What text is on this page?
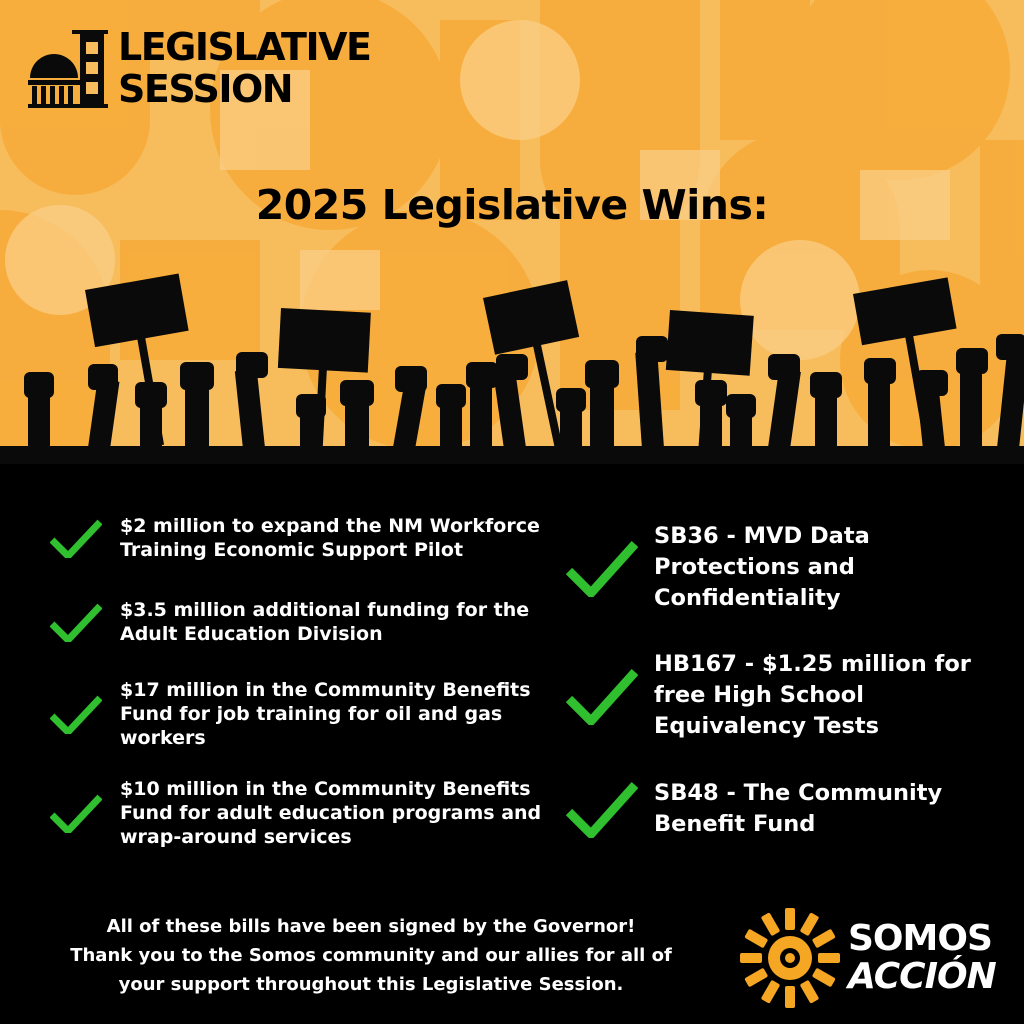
LEGISLATIVE
SESSION
2025 Legislative Wins:
$2 million to expand the NM Workforce Training Economic Support Pilot
$3.5 million additional funding for the Adult Education Division
$17 million in the Community Benefits Fund for job training for oil and gas workers
$10 million in the Community Benefits Fund for adult education programs and wrap-around services
SB36 - MVD Data Protections and Confidentiality
HB167 - $1.25 million for free High School Equivalency Tests
SB48 - The Community Benefit Fund
All of these bills have been signed by the Governor!
Thank you to the Somos community and our allies for all of
your support throughout this Legislative Session.
SOMOS
ACCIÓN
